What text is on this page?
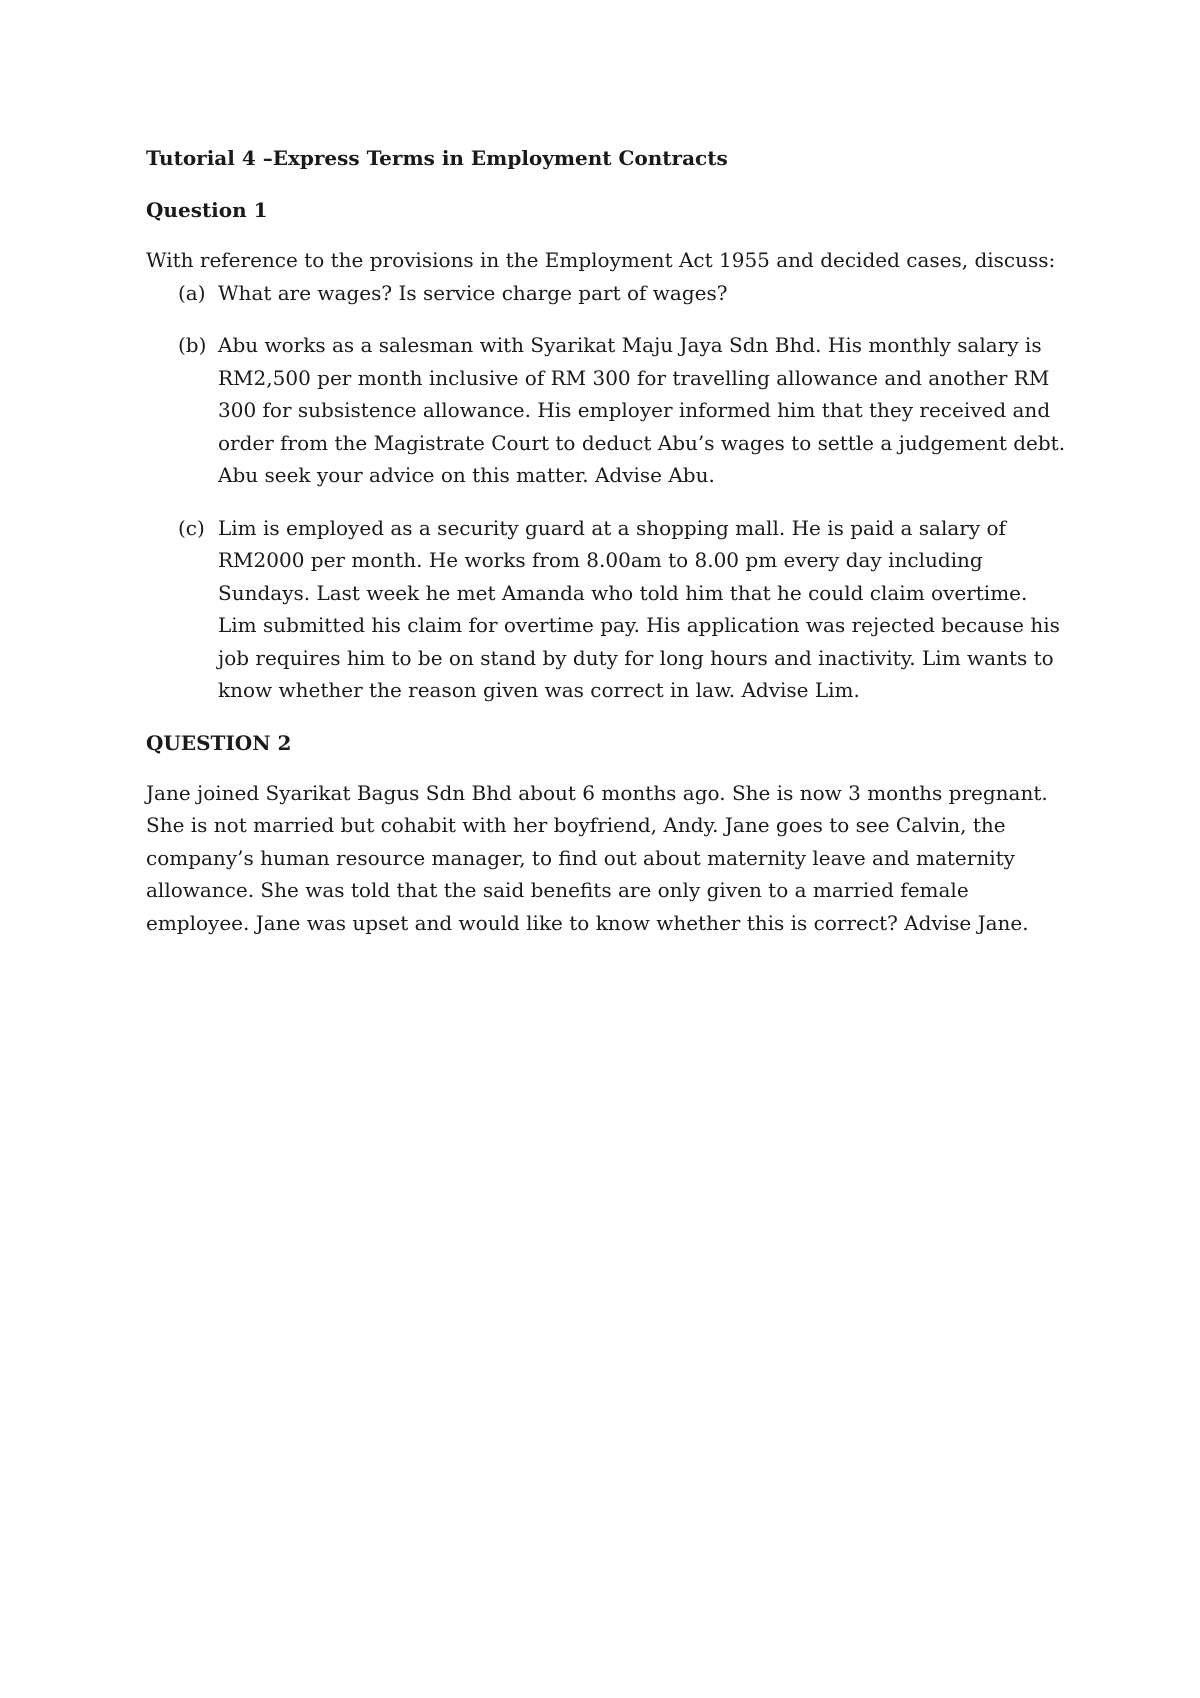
Tutorial 4 –Express Terms in Employment Contracts
Question 1

With reference to the provisions in the Employment Act 1955 and decided cases, discuss:

(a) What are wages? Is service charge part of wages?
(b) Abu works as a salesman with Syarikat Maju Jaya Sdn Bhd. His monthly salary is RM2,500 per month inclusive of RM 300 for travelling allowance and another RM 300 for subsistence allowance. His employer informed him that they received and order from the Magistrate Court to deduct Abu’s wages to settle a judgement debt. Abu seek your advice on this matter. Advise Abu.
(c) Lim is employed as a security guard at a shopping mall. He is paid a salary of RM2000 per month. He works from 8.00am to 8.00 pm every day including Sundays. Last week he met Amanda who told him that he could claim overtime. Lim submitted his claim for overtime pay. His application was rejected because his job requires him to be on stand by duty for long hours and inactivity. Lim wants to know whether the reason given was correct in law. Advise Lim.
QUESTION 2

Jane joined Syarikat Bagus Sdn Bhd about 6 months ago. She is now 3 months pregnant. She is not married but cohabit with her boyfriend, Andy. Jane goes to see Calvin, the company’s human resource manager, to find out about maternity leave and maternity allowance. She was told that the said benefits are only given to a married female employee. Jane was upset and would like to know whether this is correct? Advise Jane.
